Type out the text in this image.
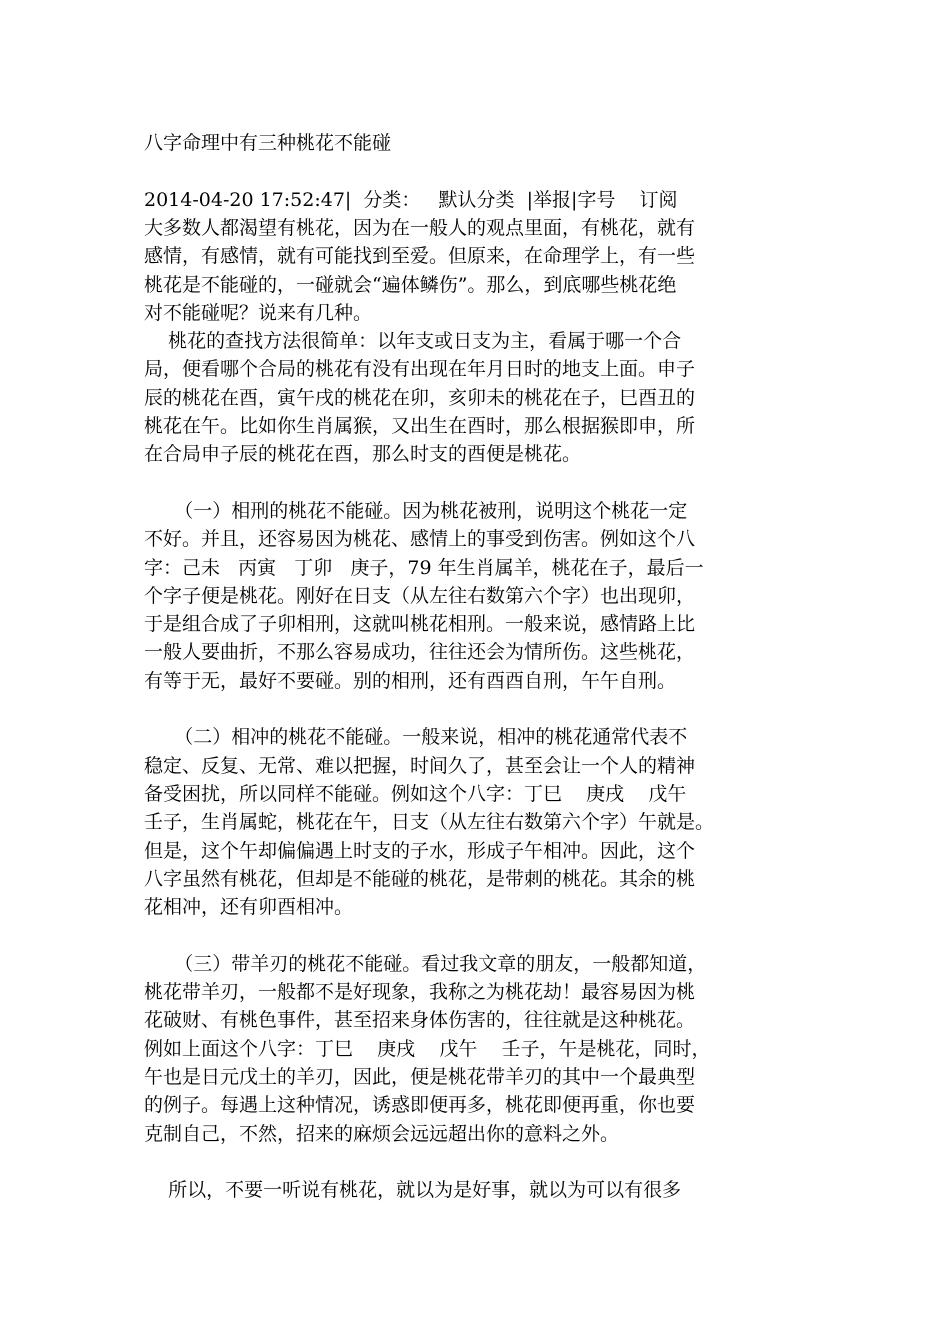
八字命理中有三种桃花不能碰
2014-04-20 17:52:47|  分类：   默认分类  |举报|字号    订阅
大多数人都渴望有桃花，因为在一般人的观点里面，有桃花，就有
感情，有感情，就有可能找到至爱。但原来，在命理学上，有一些
桃花是不能碰的，一碰就会“遍体鳞伤”。那么，到底哪些桃花绝
对不能碰呢？说来有几种。
桃花的查找方法很简单：以年支或日支为主，看属于哪一个合
局，便看哪个合局的桃花有没有出现在年月日时的地支上面。申子
辰的桃花在酉，寅午戌的桃花在卯，亥卯未的桃花在子，巳酉丑的
桃花在午。比如你生肖属猴，又出生在酉时，那么根据猴即申，所
在合局申子辰的桃花在酉，那么时支的酉便是桃花。
（一）相刑的桃花不能碰。因为桃花被刑，说明这个桃花一定
不好。并且，还容易因为桃花、感情上的事受到伤害。例如这个八
字：己未   丙寅   丁卯   庚子，79 年生肖属羊，桃花在子，最后一
个字子便是桃花。刚好在日支（从左往右数第六个字）也出现卯，
于是组合成了子卯相刑，这就叫桃花相刑。一般来说，感情路上比
一般人要曲折，不那么容易成功，往往还会为情所伤。这些桃花，
有等于无，最好不要碰。别的相刑，还有酉酉自刑，午午自刑。
（二）相冲的桃花不能碰。一般来说，相冲的桃花通常代表不
稳定、反复、无常、难以把握，时间久了，甚至会让一个人的精神
备受困扰，所以同样不能碰。例如这个八字：丁巳    庚戌    戊午
壬子，生肖属蛇，桃花在午，日支（从左往右数第六个字）午就是。
但是，这个午却偏偏遇上时支的子水，形成子午相冲。因此，这个
八字虽然有桃花，但却是不能碰的桃花，是带刺的桃花。其余的桃
花相冲，还有卯酉相冲。
（三）带羊刃的桃花不能碰。看过我文章的朋友，一般都知道，
桃花带羊刃，一般都不是好现象，我称之为桃花劫！最容易因为桃
花破财、有桃色事件，甚至招来身体伤害的，往往就是这种桃花。
例如上面这个八字：丁巳    庚戌    戊午    壬子，午是桃花，同时，
午也是日元戊土的羊刃，因此，便是桃花带羊刃的其中一个最典型
的例子。每遇上这种情况，诱惑即便再多，桃花即便再重，你也要
克制自己，不然，招来的麻烦会远远超出你的意料之外。
所以，不要一听说有桃花，就以为是好事，就以为可以有很多
